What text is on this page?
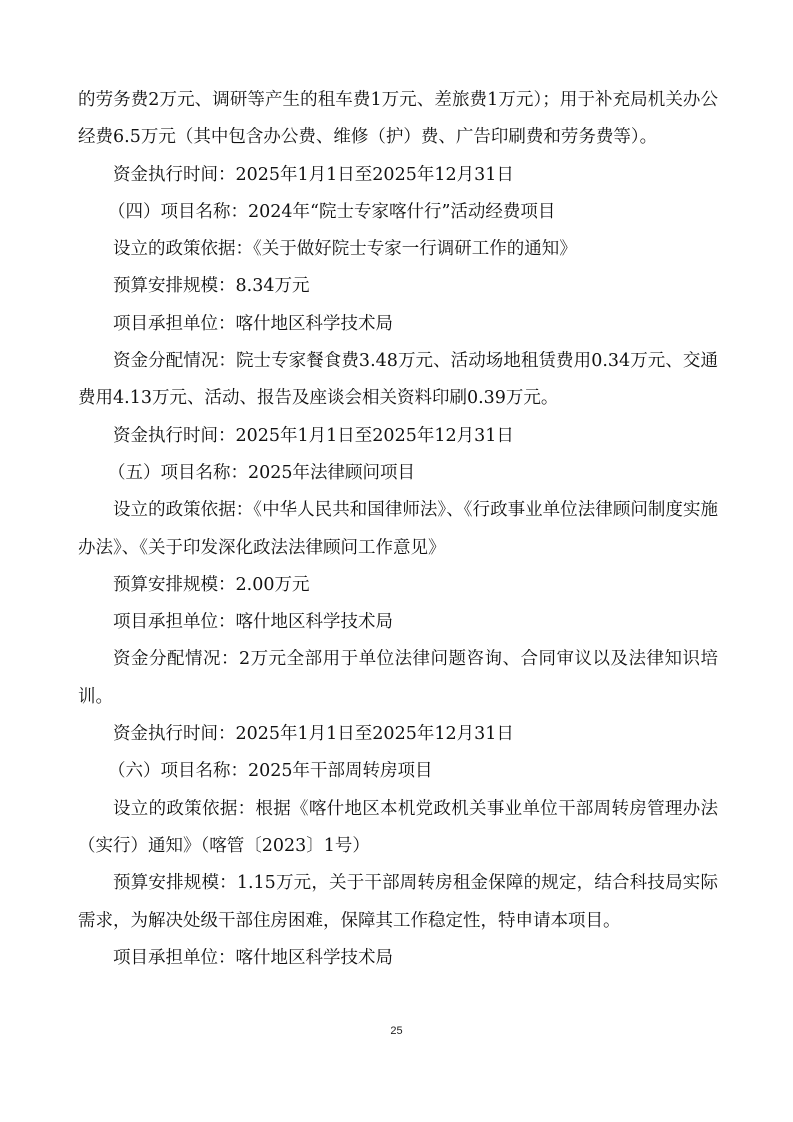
的劳务费2万元、调研等产生的租车费1万元、差旅费1万元）；用于补充局机关办公经费6.5万元（其中包含办公费、维修（护）费、广告印刷费和劳务费等）。

资金执行时间：2025年1月1日至2025年12月31日

（四）项目名称：2024年“院士专家喀什行”活动经费项目

设立的政策依据：《关于做好院士专家一行调研工作的通知》

预算安排规模：8.34万元

项目承担单位：喀什地区科学技术局

资金分配情况：院士专家餐食费3.48万元、活动场地租赁费用0.34万元、交通费用4.13万元、活动、报告及座谈会相关资料印刷0.39万元。

资金执行时间：2025年1月1日至2025年12月31日

（五）项目名称：2025年法律顾问项目

设立的政策依据：《中华人民共和国律师法》、《行政事业单位法律顾问制度实施办法》、《关于印发深化政法法律顾问工作意见》

预算安排规模：2.00万元

项目承担单位：喀什地区科学技术局

资金分配情况：2万元全部用于单位法律问题咨询、合同审议以及法律知识培训。

资金执行时间：2025年1月1日至2025年12月31日

（六）项目名称：2025年干部周转房项目

设立的政策依据：根据《喀什地区本机党政机关事业单位干部周转房管理办法（实行）通知》（喀管〔2023〕1号）

预算安排规模：1.15万元，关于干部周转房租金保障的规定，结合科技局实际需求，为解决处级干部住房困难，保障其工作稳定性，特申请本项目。

项目承担单位：喀什地区科学技术局

25
